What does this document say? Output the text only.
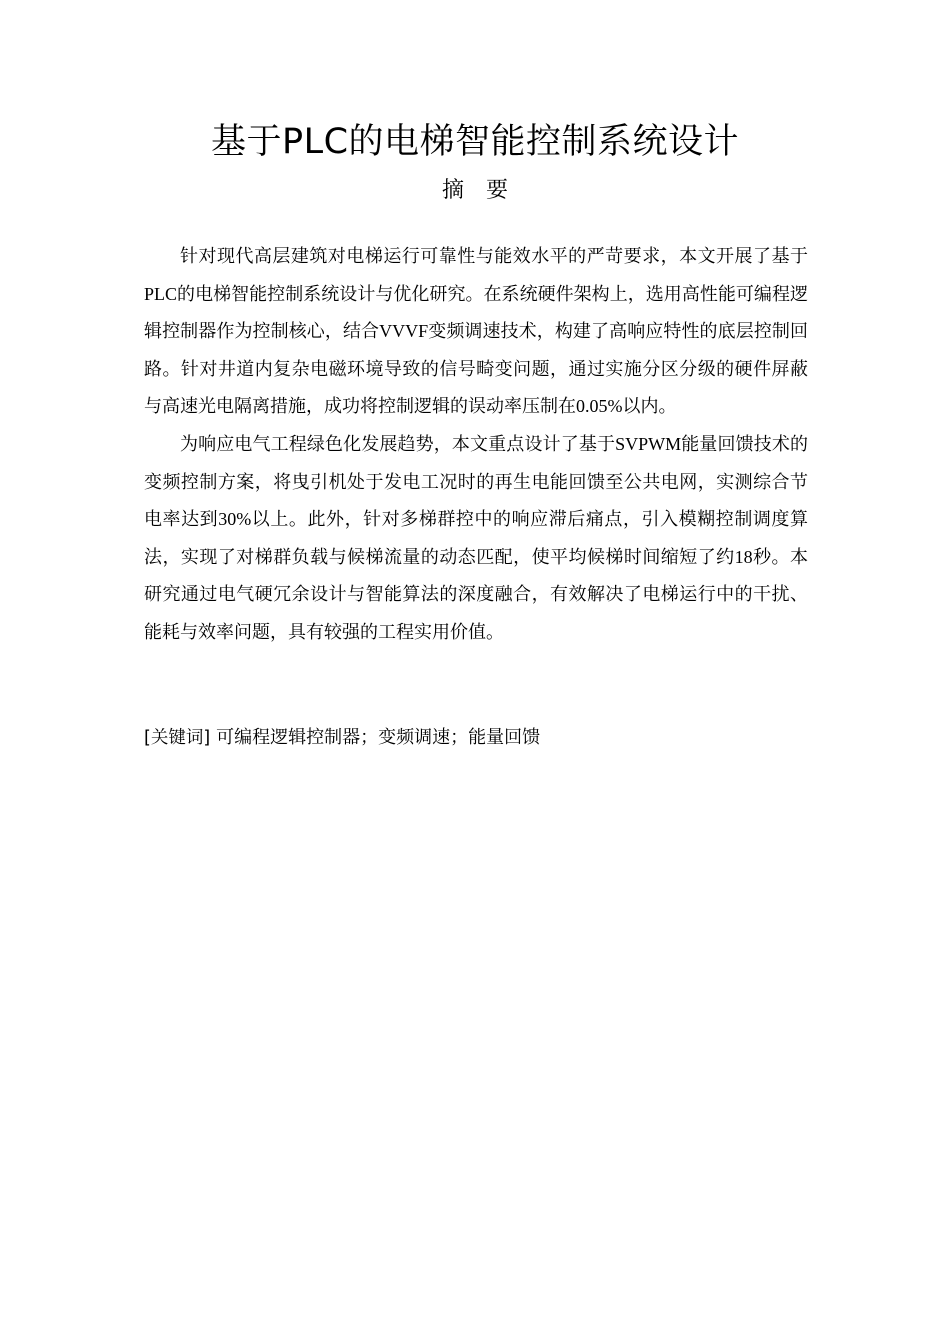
基于PLC的电梯智能控制系统设计
摘　要

针对现代高层建筑对电梯运行可靠性与能效水平的严苛要求，本文开展了基于PLC的电梯智能控制系统设计与优化研究。在系统硬件架构上，选用高性能可编程逻辑控制器作为控制核心，结合VVVF变频调速技术，构建了高响应特性的底层控制回路。针对井道内复杂电磁环境导致的信号畸变问题，通过实施分区分级的硬件屏蔽与高速光电隔离措施，成功将控制逻辑的误动率压制在0.05%以内。

为响应电气工程绿色化发展趋势，本文重点设计了基于SVPWM能量回馈技术的变频控制方案，将曳引机处于发电工况时的再生电能回馈至公共电网，实测综合节电率达到30%以上。此外，针对多梯群控中的响应滞后痛点，引入模糊控制调度算法，实现了对梯群负载与候梯流量的动态匹配，使平均候梯时间缩短了约18秒。本研究通过电气硬冗余设计与智能算法的深度融合，有效解决了电梯运行中的干扰、能耗与效率问题，具有较强的工程实用价值。

[关键词] 可编程逻辑控制器；变频调速；能量回馈
